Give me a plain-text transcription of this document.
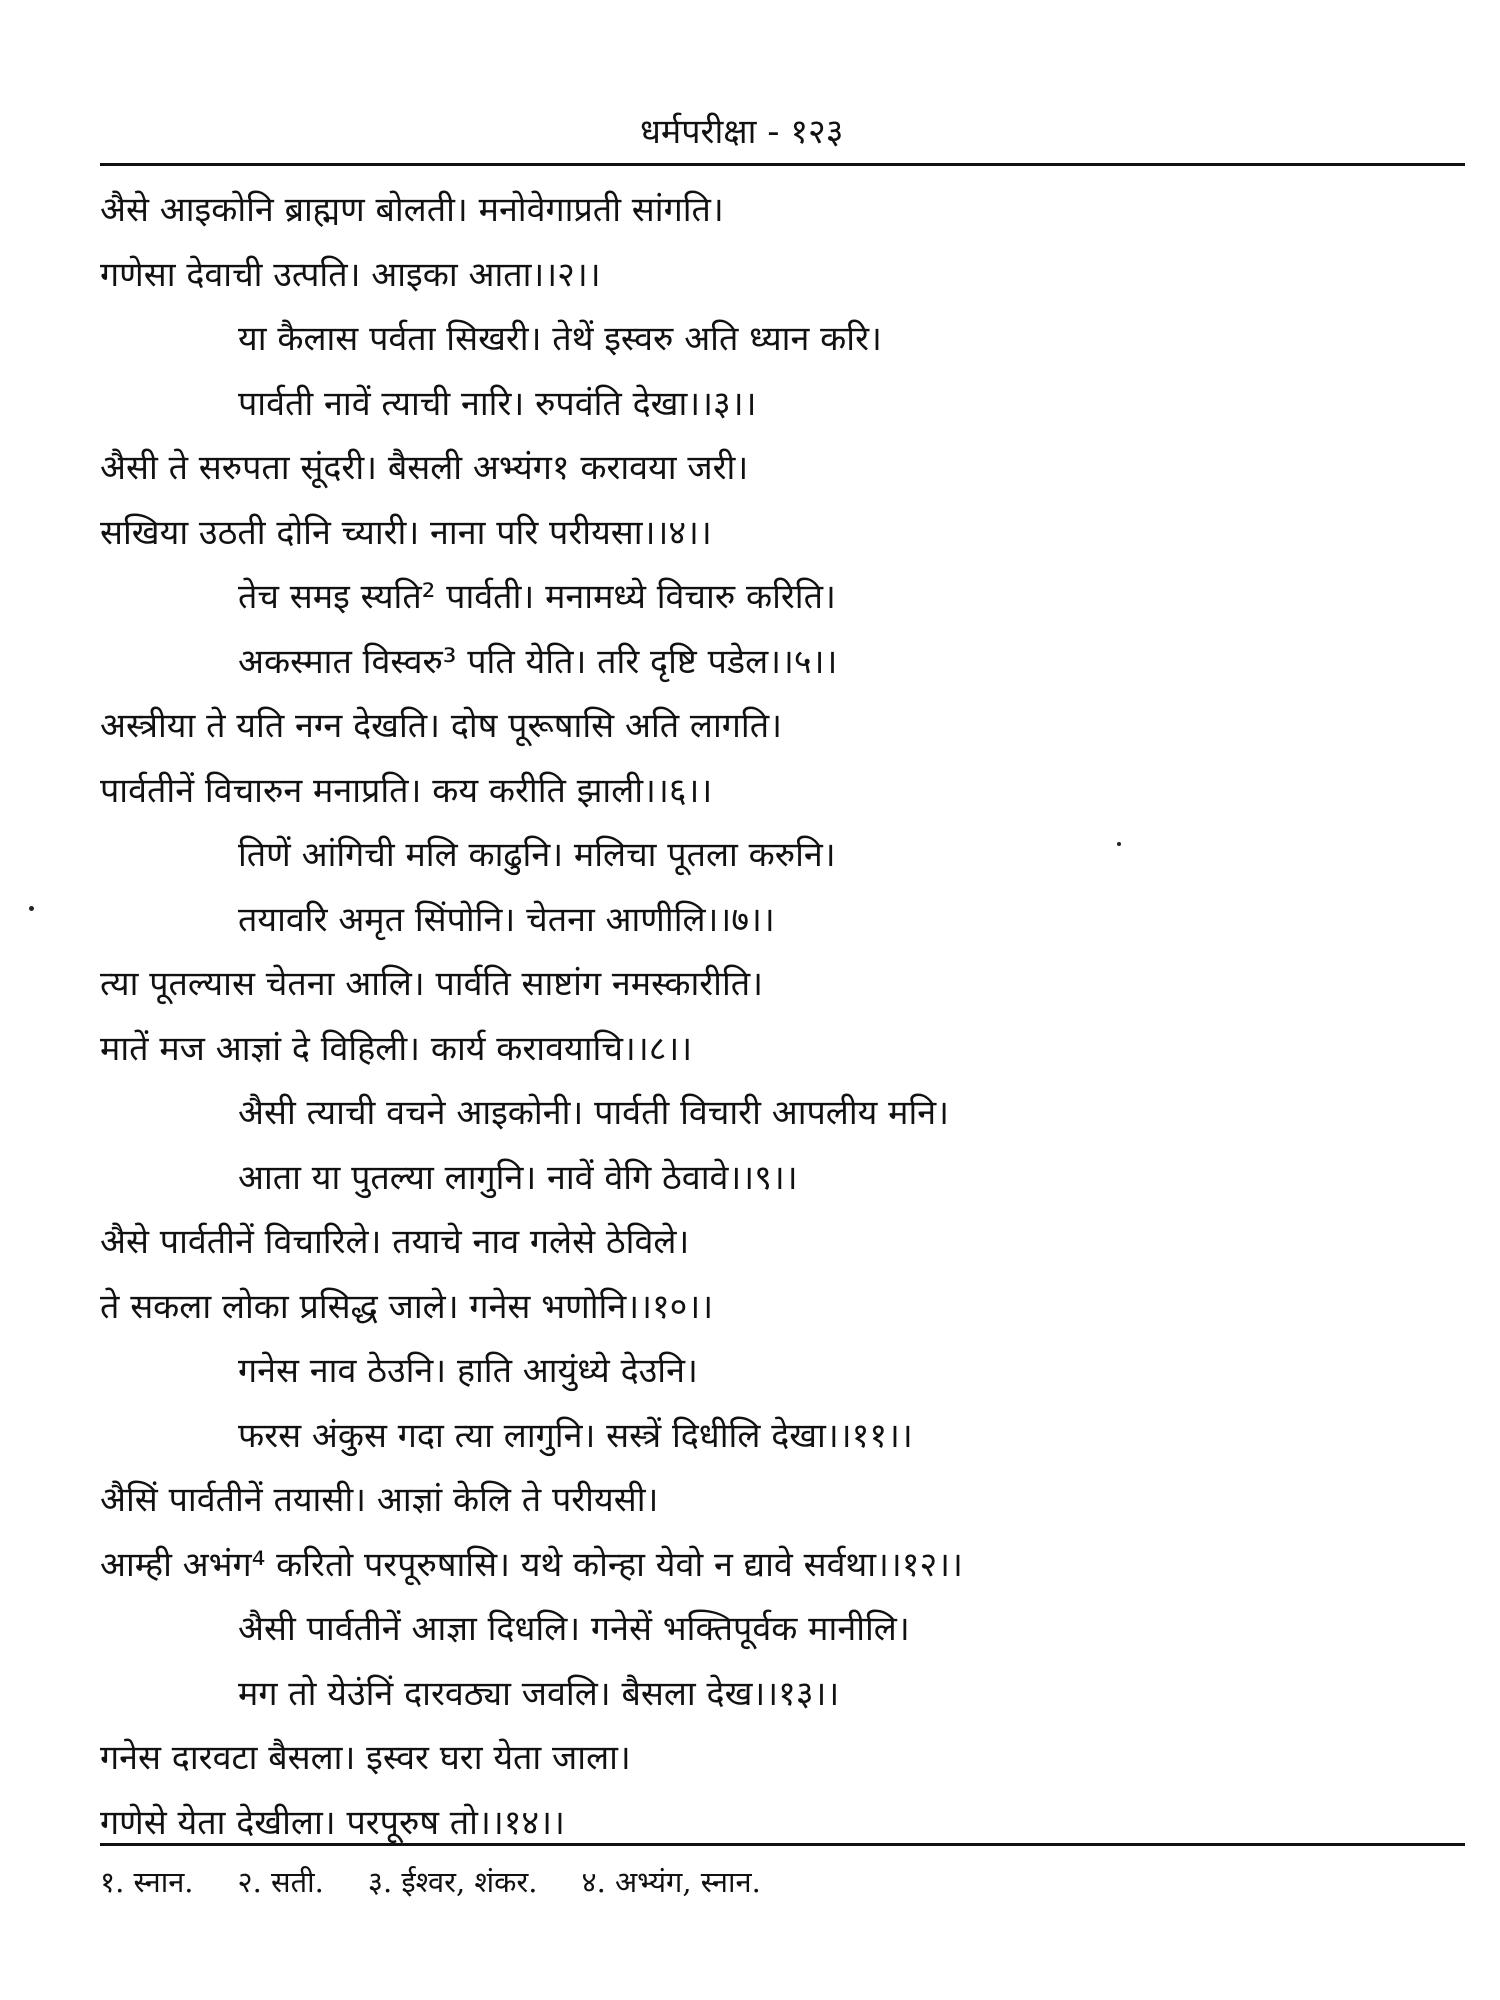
धर्मपरीक्षा - १२३
अैसे आइकोनि ब्राह्मण बोलती। मनोवेगाप्रती सांगति।
गणेसा देवाची उत्पति। आइका आता।।२।।
या कैलास पर्वता सिखरी। तेथें इस्वरु अति ध्यान करि।
पार्वती नावें त्याची नारि। रुपवंति देखा।।३।।
अैसी ते सरुपता सूंदरी। बैसली अभ्यंग१ करावया जरी।
सखिया उठती दोनि च्यारी। नाना परि परीयसा।।४।।
तेच समइ स्यति² पार्वती। मनामध्ये विचारु करिति।
अकस्मात विस्वरु³ पति येति। तरि दृष्टि पडेल।।५।।
अस्त्रीया ते यति नग्न देखति। दोष पूरूषासि अति लागति।
पार्वतीनें विचारुन मनाप्रति। कय करीति झाली।।६।।
तिणें आंगिची मलि काढुनि। मलिचा पूतला करुनि।
तयावरि अमृत सिंपोनि। चेतना आणीलि।।७।।
त्या पूतल्यास चेतना आलि। पार्वति साष्टांग नमस्कारीति।
मातें मज आज्ञां दे विहिली। कार्य करावयाचि।।८।।
अैसी त्याची वचने आइकोनी। पार्वती विचारी आपलीय मनि।
आता या पुतल्या लागुनि। नावें वेगि ठेवावे।।९।।
अैसे पार्वतीनें विचारिले। तयाचे नाव गलेसे ठेविले।
ते सकला लोका प्रसिद्ध जाले। गनेस भणोनि।।१०।।
गनेस नाव ठेउनि। हाति आयुंध्ये देउनि।
फरस अंकुस गदा त्या लागुनि। सस्त्रें दिधीलि देखा।।११।।
अैसिं पार्वतीनें तयासी। आज्ञां केलि ते परीयसी।
आम्ही अभंग⁴ करितो परपूरुषासि। यथे कोन्हा येवो न द्यावे सर्वथा।।१२।।
अैसी पार्वतीनें आज्ञा दिधलि। गनेसें भक्तिपूर्वक मानीलि।
मग तो येउंनिं दारवठ्या जवलि। बैसला देख।।१३।।
गनेस दारवटा बैसला। इस्वर घरा येता जाला।
गणेसे येता देखीला। परपूरुष तो।।१४।।
१. स्नान. २. सती. ३. ईश्वर, शंकर. ४. अभ्यंग, स्नान.
